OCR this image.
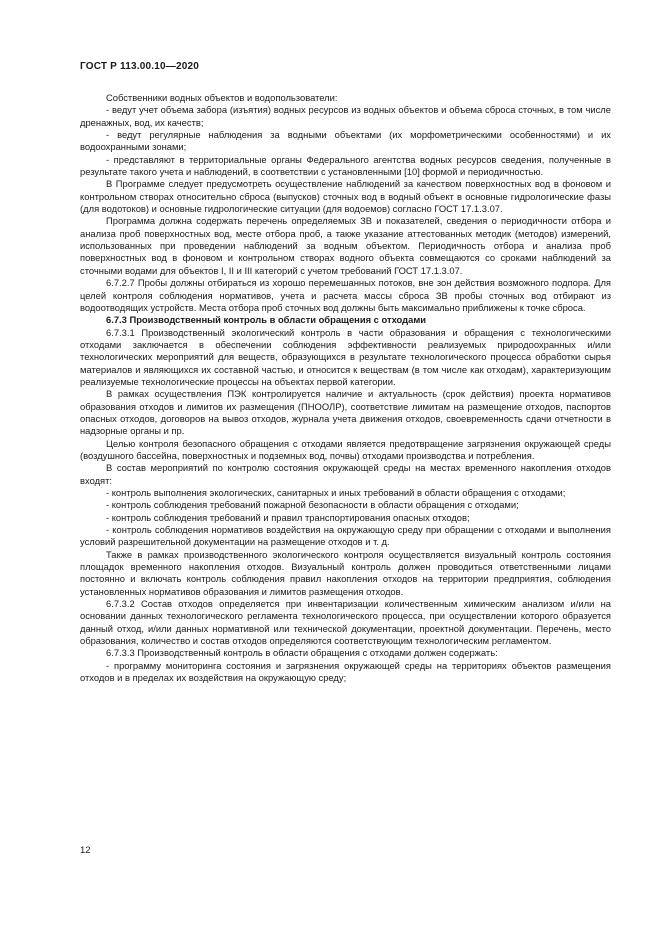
ГОСТ Р 113.00.10—2020

Собственники водных объектов и водопользователи:

- ведут учет объема забора (изъятия) водных ресурсов из водных объектов и объема сброса сточных, в том числе дренажных, вод, их качеств;

- ведут регулярные наблюдения за водными объектами (их морфометрическими особенностями) и их водоохранными зонами;

- представляют в территориальные органы Федерального агентства водных ресурсов сведения, полученные в результате такого учета и наблюдений, в соответствии с установленными [10] формой и периодичностью.

В Программе следует предусмотреть осуществление наблюдений за качеством поверхностных вод в фоновом и контрольном створах относительно сброса (выпусков) сточных вод в водный объект в основные гидрологические фазы (для водотоков) и основные гидрологические ситуации (для водоемов) согласно ГОСТ 17.1.3.07.

Программа должна содержать перечень определяемых ЗВ и показателей, сведения о периодичности отбора и анализа проб поверхностных вод, месте отбора проб, а также указание аттестованных методик (методов) измерений, использованных при проведении наблюдений за водным объектом. Периодичность отбора и анализа проб поверхностных вод в фоновом и контрольном створах водного объекта совмещаются со сроками наблюдений за сточными водами для объектов I, II и III категорий с учетом требований ГОСТ 17.1.3.07.

6.7.2.7 Пробы должны отбираться из хорошо перемешанных потоков, вне зон действия возможного подпора. Для целей контроля соблюдения нормативов, учета и расчета массы сброса ЗВ пробы сточных вод отбирают из водоотводящих устройств. Места отбора проб сточных вод должны быть максимально приближены к точке сброса.

6.7.3 Производственный контроль в области обращения с отходами

6.7.3.1 Производственный экологический контроль в части образования и обращения с технологическими отходами заключается в обеспечении соблюдения эффективности реализуемых природоохранных и/или технологических мероприятий для веществ, образующихся в результате технологического процесса обработки сырья материалов и являющихся их составной частью, и относится к веществам (в том числе как отходам), характеризующим реализуемые технологические процессы на объектах первой категории.

В рамках осуществления ПЭК контролируется наличие и актуальность (срок действия) проекта нормативов образования отходов и лимитов их размещения (ПНООЛР), соответствие лимитам на размещение отходов, паспортов опасных отходов, договоров на вывоз отходов, журнала учета движения отходов, своевременность сдачи отчетности в надзорные органы и пр.

Целью контроля безопасного обращения с отходами является предотвращение загрязнения окружающей среды (воздушного бассейна, поверхностных и подземных вод, почвы) отходами производства и потребления.

В состав мероприятий по контролю состояния окружающей среды на местах временного накопления отходов входят:

- контроль выполнения экологических, санитарных и иных требований в области обращения с отходами;

- контроль соблюдения требований пожарной безопасности в области обращения с отходами;

- контроль соблюдения требований и правил транспортирования опасных отходов;

- контроль соблюдения нормативов воздействия на окружающую среду при обращении с отходами и выполнения условий разрешительной документации на размещение отходов и т. д.

Также в рамках производственного экологического контроля осуществляется визуальный контроль состояния площадок временного накопления отходов. Визуальный контроль должен проводиться ответственными лицами постоянно и включать контроль соблюдения правил накопления отходов на территории предприятия, соблюдения установленных нормативов образования и лимитов размещения отходов.

6.7.3.2 Состав отходов определяется при инвентаризации количественным химическим анализом и/или на основании данных технологического регламента технологического процесса, при осуществлении которого образуется данный отход, и/или данных нормативной или технической документации, проектной документации. Перечень, место образования, количество и состав отходов определяются соответствующим технологическим регламентом.

6.7.3.3 Производственный контроль в области обращения с отходами должен содержать:

- программу мониторинга состояния и загрязнения окружающей среды на территориях объектов размещения отходов и в пределах их воздействия на окружающую среду;

12
